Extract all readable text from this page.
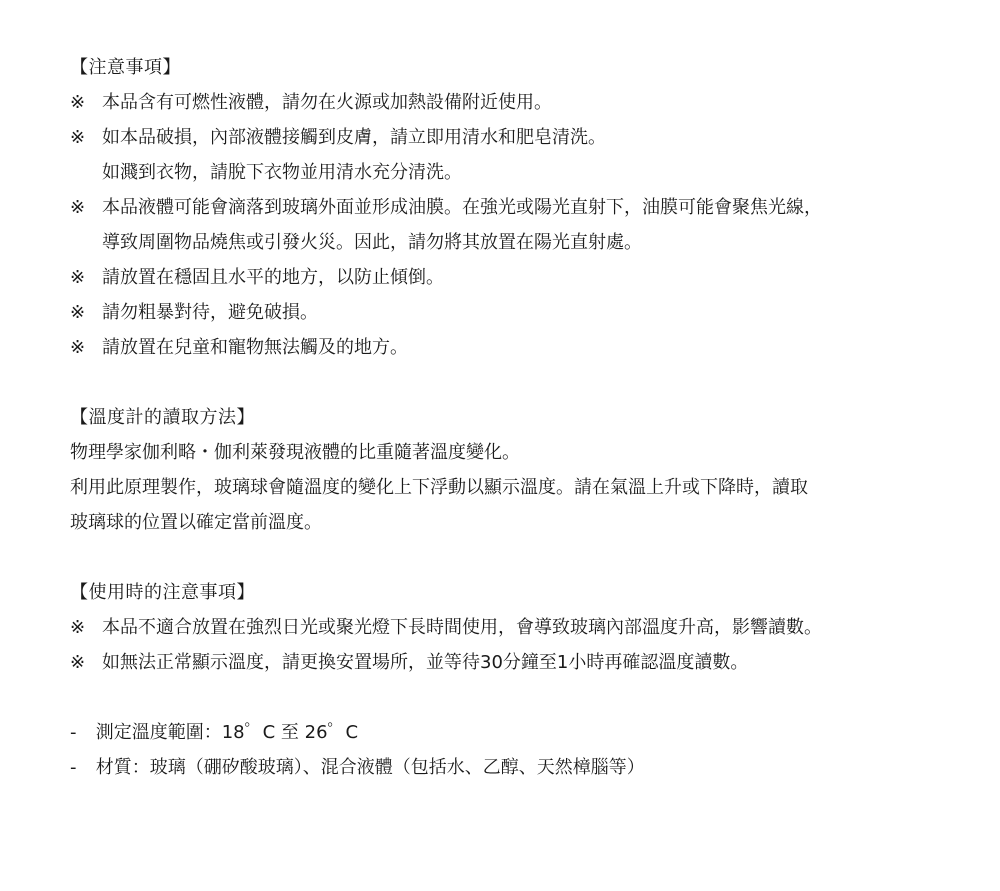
【注意事項】
※ 本品含有可燃性液體，請勿在火源或加熱設備附近使用。
※ 如本品破損，內部液體接觸到皮膚，請立即用清水和肥皂清洗。
如濺到衣物，請脫下衣物並用清水充分清洗。
※ 本品液體可能會滴落到玻璃外面並形成油膜。在強光或陽光直射下，油膜可能會聚焦光線，
導致周圍物品燒焦或引發火災。因此，請勿將其放置在陽光直射處。
※ 請放置在穩固且水平的地方，以防止傾倒。
※ 請勿粗暴對待，避免破損。
※ 請放置在兒童和寵物無法觸及的地方。
【溫度計的讀取方法】
物理學家伽利略・伽利萊發現液體的比重隨著溫度變化。
利用此原理製作，玻璃球會隨溫度的變化上下浮動以顯示溫度。請在氣溫上升或下降時，讀取
玻璃球的位置以確定當前溫度。
【使用時的注意事項】
※ 本品不適合放置在強烈日光或聚光燈下長時間使用，會導致玻璃內部溫度升高，影響讀數。
※ 如無法正常顯示溫度，請更換安置場所，並等待30分鐘至1小時再確認溫度讀數。
- 測定溫度範圍：18゜C 至 26゜C
- 材質：玻璃（硼矽酸玻璃）、混合液體（包括水、乙醇、天然樟腦等）
